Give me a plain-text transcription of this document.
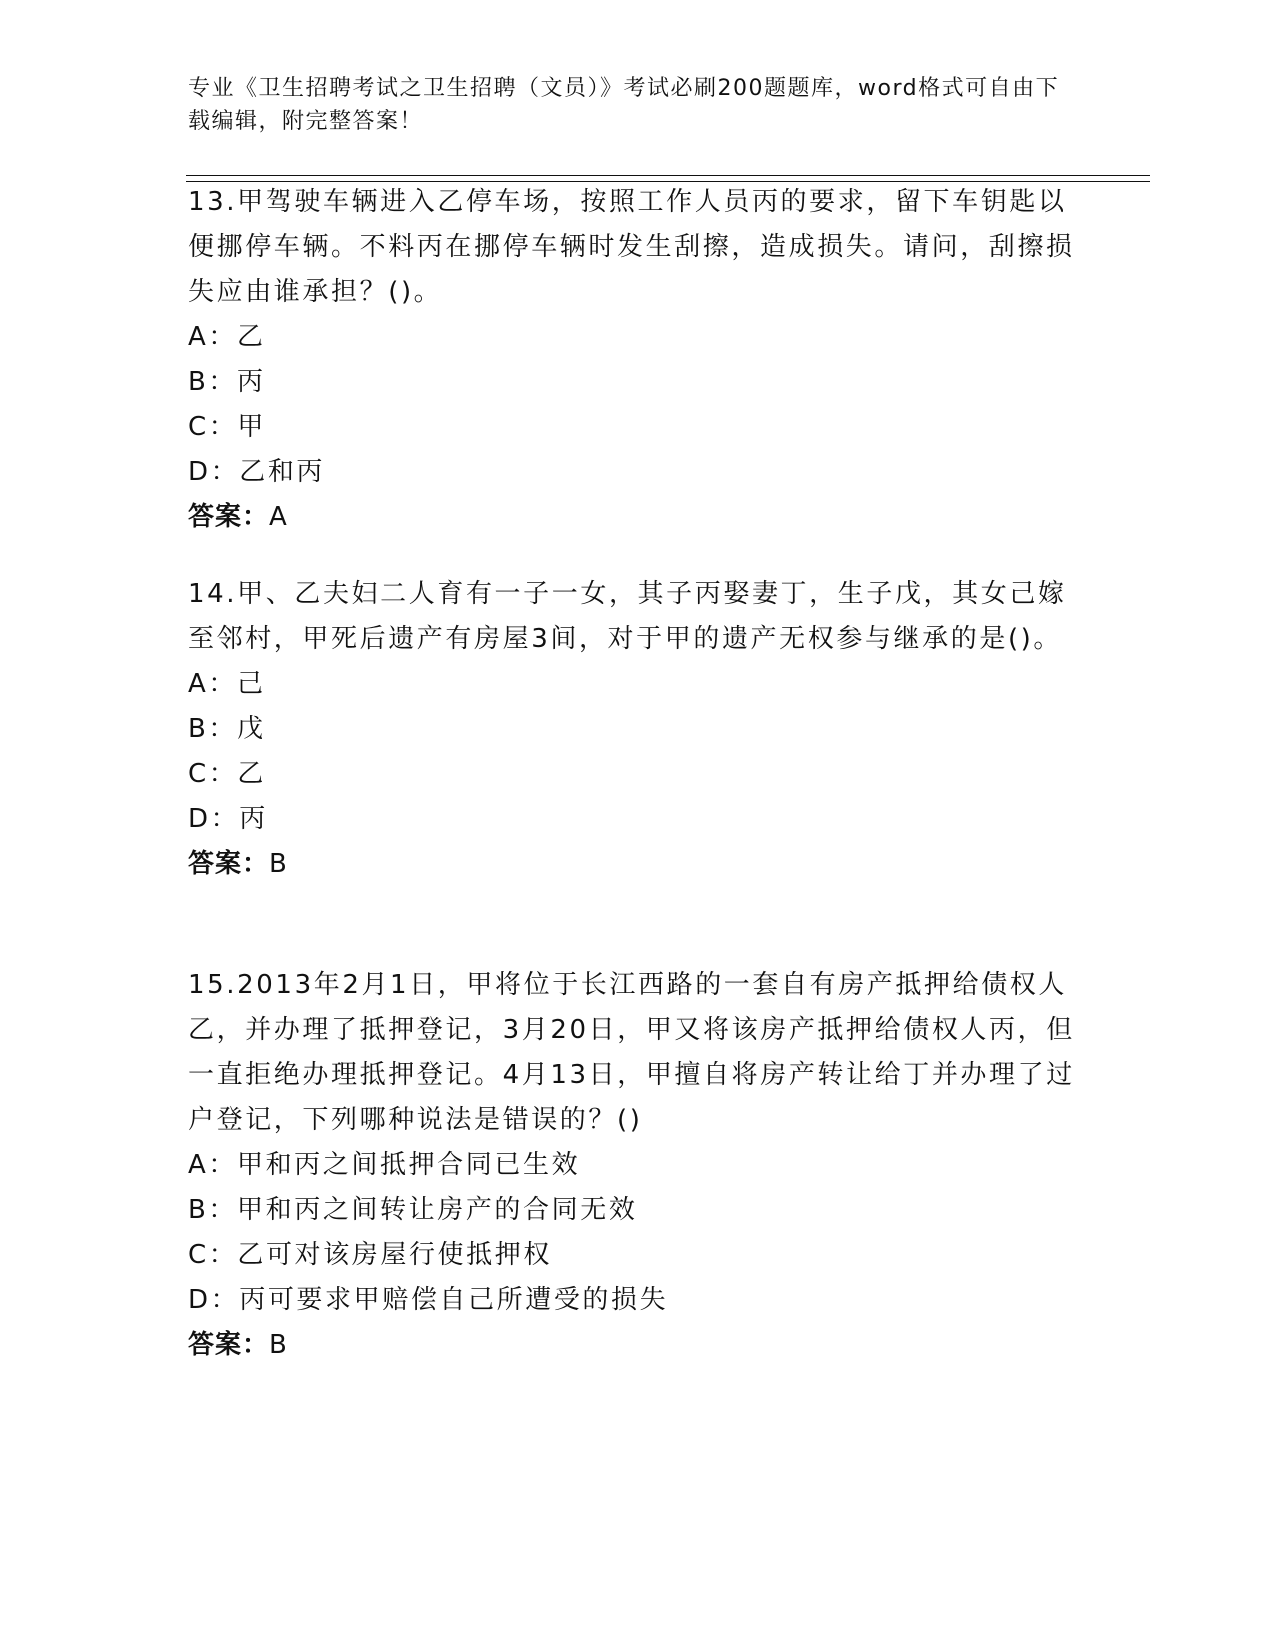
专业《卫生招聘考试之卫生招聘（文员）》考试必刷200题题库，word格式可自由下载编辑，附完整答案！

13.甲驾驶车辆进入乙停车场，按照工作人员丙的要求，留下车钥匙以便挪停车辆。不料丙在挪停车辆时发生刮擦，造成损失。请问，刮擦损失应由谁承担？()。

A：乙
B：丙
C：甲
D：乙和丙
答案：A

14.甲、乙夫妇二人育有一子一女，其子丙娶妻丁，生子戊，其女己嫁至邻村，甲死后遗产有房屋3间，对于甲的遗产无权参与继承的是()。

A：己
B：戊
C：乙
D：丙
答案：B

15.2013年2月1日，甲将位于长江西路的一套自有房产抵押给债权人乙，并办理了抵押登记，3月20日，甲又将该房产抵押给债权人丙，但一直拒绝办理抵押登记。4月13日，甲擅自将房产转让给丁并办理了过户登记，下列哪种说法是错误的？()

A：甲和丙之间抵押合同已生效
B：甲和丙之间转让房产的合同无效
C：乙可对该房屋行使抵押权
D：丙可要求甲赔偿自己所遭受的损失
答案：B
